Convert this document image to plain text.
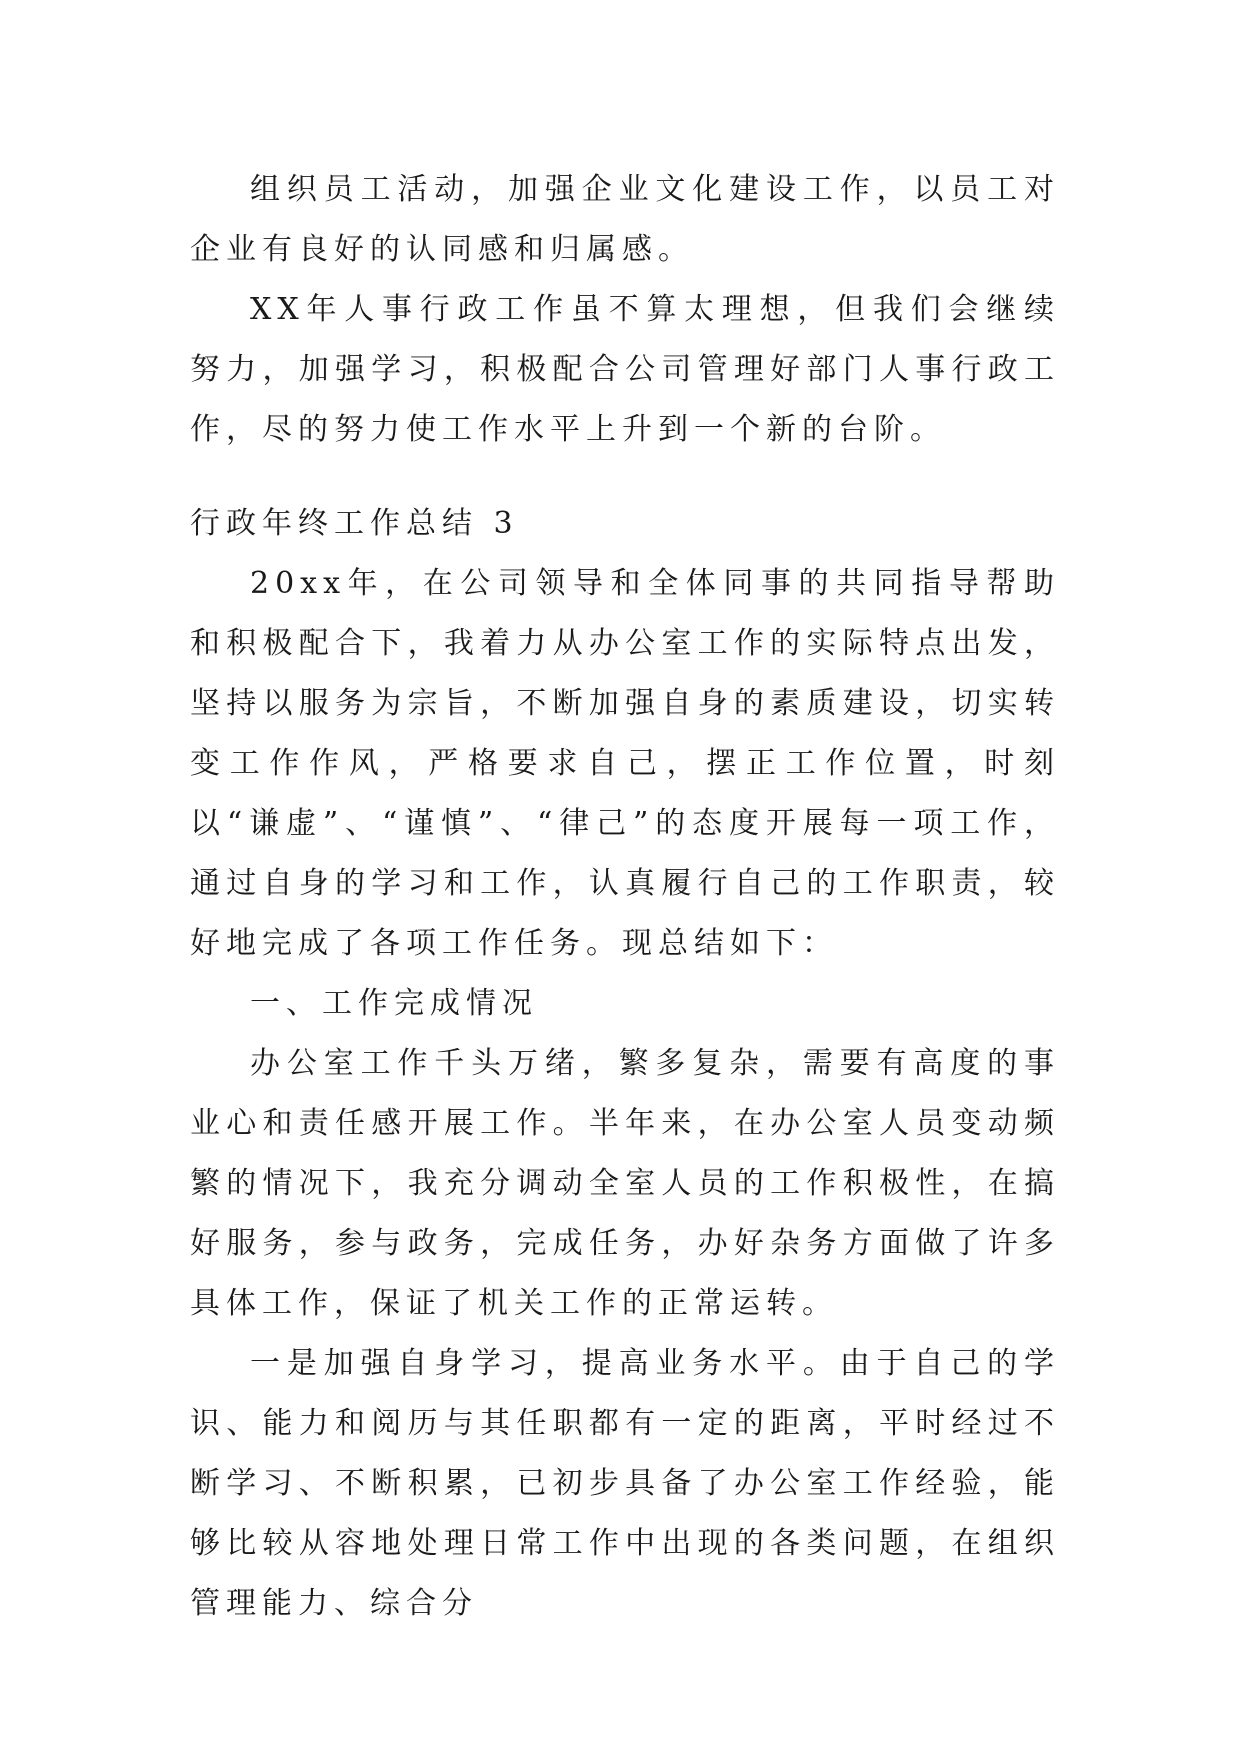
组织员工活动，加强企业文化建设工作，以员工对企业有良好的认同感和归属感。

XX年人事行政工作虽不算太理想，但我们会继续努力，加强学习，积极配合公司管理好部门人事行政工作，尽的努力使工作水平上升到一个新的台阶。

行政年终工作总结 3

20xx年，在公司领导和全体同事的共同指导帮助和积极配合下，我着力从办公室工作的实际特点出发，坚持以服务为宗旨，不断加强自身的素质建设，切实转变工作作风，严格要求自己，摆正工作位置，时刻以“谦虚”、“谨慎”、“律己”的态度开展每一项工作，通过自身的学习和工作，认真履行自己的工作职责，较好地完成了各项工作任务。现总结如下：

一、工作完成情况

办公室工作千头万绪，繁多复杂，需要有高度的事业心和责任感开展工作。半年来，在办公室人员变动频繁的情况下，我充分调动全室人员的工作积极性，在搞好服务，参与政务，完成任务，办好杂务方面做了许多具体工作，保证了机关工作的正常运转。

一是加强自身学习，提高业务水平。由于自己的学识、能力和阅历与其任职都有一定的距离，平时经过不断学习、不断积累，已初步具备了办公室工作经验，能够比较从容地处理日常工作中出现的各类问题，在组织管理能力、综合分
